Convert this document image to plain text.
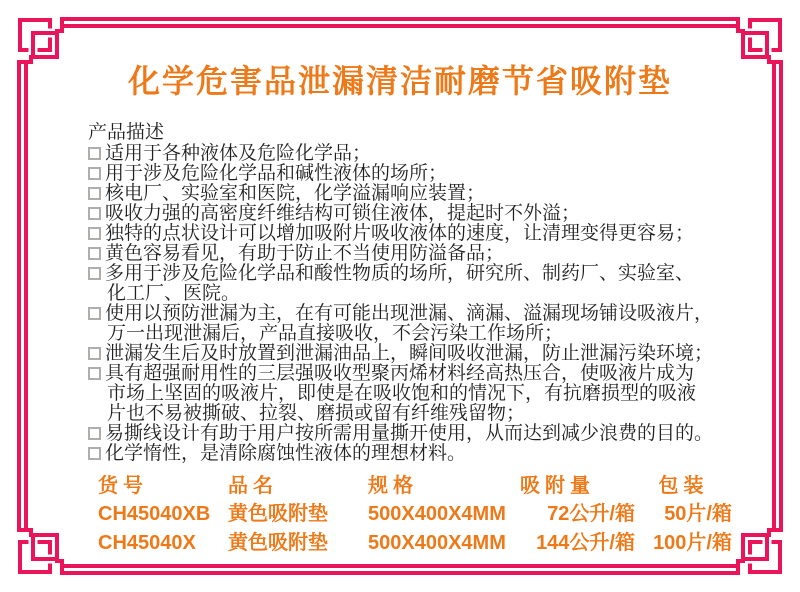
化学危害品泄漏清洁耐磨节省吸附垫
产品描述
适用于各种液体及危险化学品；
用于涉及危险化学品和碱性液体的场所；
核电厂、实验室和医院，化学溢漏响应装置；
吸收力强的高密度纤维结构可锁住液体，提起时不外溢；
独特的点状设计可以增加吸附片吸收液体的速度，让清理变得更容易；
黄色容易看见，有助于防止不当使用防溢备品；
多用于涉及危险化学品和酸性物质的场所，研究所、制药厂、实验室、
化工厂、医院。
使用以预防泄漏为主，在有可能出现泄漏、滴漏、溢漏现场铺设吸液片，
万一出现泄漏后，产品直接吸收，不会污染工作场所；
泄漏发生后及时放置到泄漏油品上，瞬间吸收泄漏，防止泄漏污染环境；
具有超强耐用性的三层强吸收型聚丙烯材料经高热压合，使吸液片成为
市场上坚固的吸液片，即使是在吸收饱和的情况下，有抗磨损型的吸液
片也不易被撕破、拉裂、磨损或留有纤维残留物；
易撕线设计有助于用户按所需用量撕开使用，从而达到减少浪费的目的。
化学惰性，是清除腐蚀性液体的理想材料。
货号	品名	规格	吸附量	包装
CH45040XB 黄色吸附垫	500X400X4MM	72公升/箱	50片/箱
CH45040X	黄色吸附垫	500X400X4MM	144公升/箱 100片/箱
